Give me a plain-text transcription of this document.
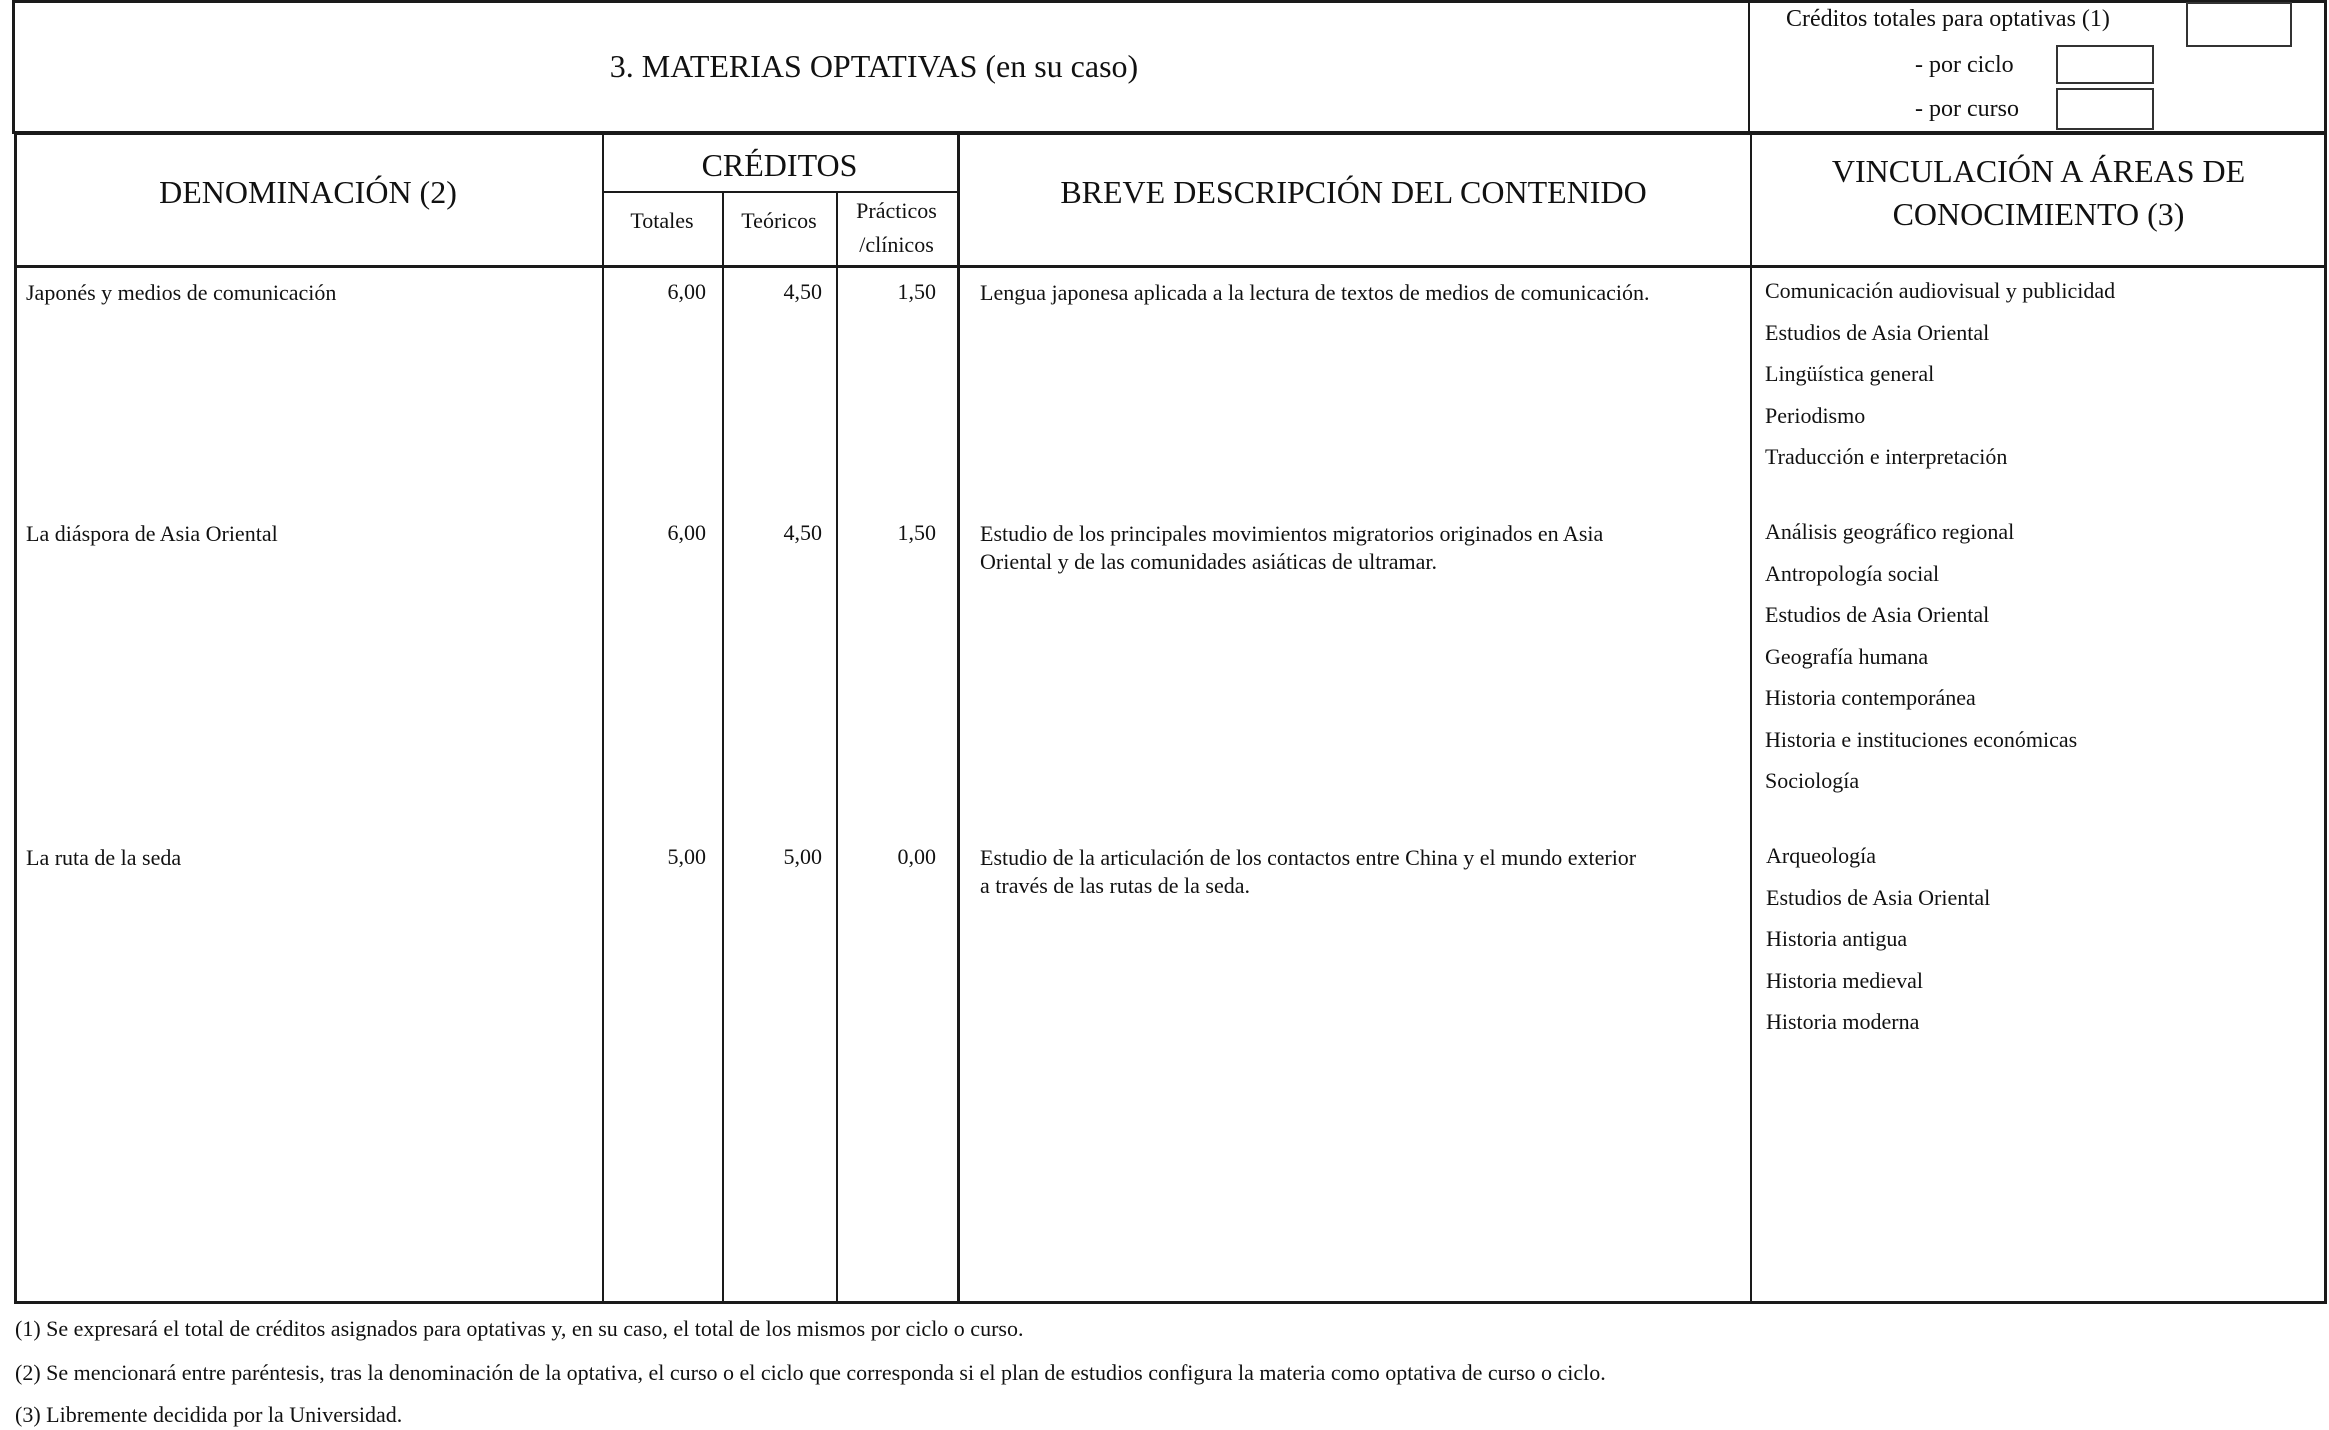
3. MATERIAS OPTATIVAS (en su caso)
Créditos totales para optativas (1)
- por ciclo
- por curso
DENOMINACIÓN (2)
CRÉDITOS
Totales	Teóricos	Prácticos
/clínicos
BREVE DESCRIPCIÓN DEL CONTENIDO
VINCULACIÓN A ÁREAS DE
CONOCIMIENTO (3)
Japonés y medios de comunicación	6,00	4,50	1,50 Lengua japonesa aplicada a la lectura de textos de medios de comunicación.	Comunicación audiovisual y publicidad
Estudios de Asia Oriental
Lingüística general
Periodismo
Traducción e interpretación
La diáspora de Asia Oriental	6,00	4,50	1,50 Estudio de los principales movimientos migratorios originados en Asia
Oriental y de las comunidades asiáticas de ultramar.
Análisis geográfico regional
Antropología social
Estudios de Asia Oriental
Geografía humana
Historia contemporánea
Historia e instituciones económicas
Sociología
La ruta de la seda	5,00	5,00	0,00 Estudio de la articulación de los contactos entre China y el mundo exterior
a través de las rutas de la seda.
Arqueología
Estudios de Asia Oriental
Historia antigua
Historia medieval
Historia moderna
(1) Se expresará el total de créditos asignados para optativas y, en su caso, el total de los mismos por ciclo o curso.
(2) Se mencionará entre paréntesis, tras la denominación de la optativa, el curso o el ciclo que corresponda si el plan de estudios configura la materia como optativa de curso o ciclo.
(3) Libremente decidida por la Universidad.
